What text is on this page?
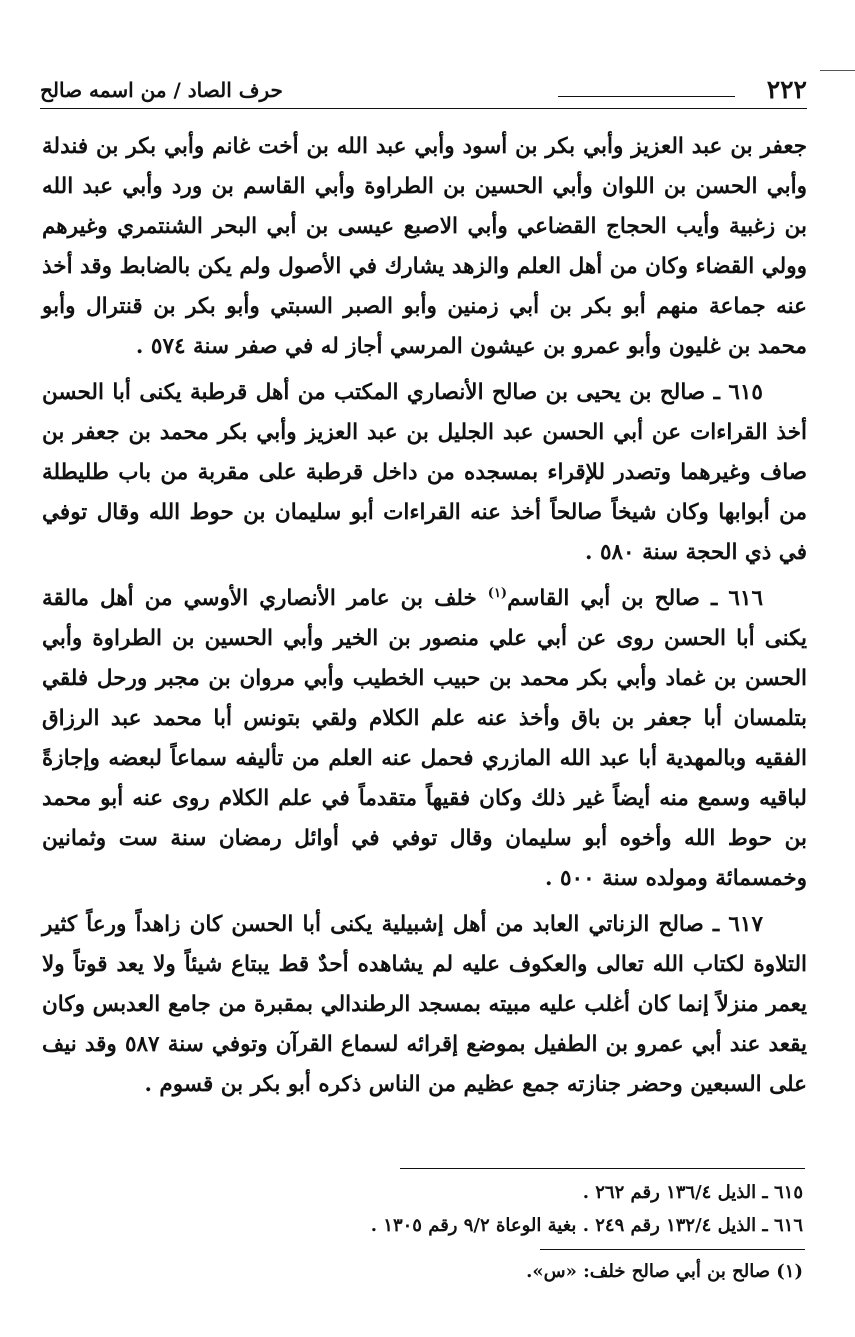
٢٢٢
حرف الصاد / من اسمه صالح

جعفر بن عبد العزيز وأبي بكر بن أسود وأبي عبد الله بن أخت غانم وأبي بكر بن فندلة وأبي الحسن بن اللوان وأبي الحسين بن الطراوة وأبي القاسم بن ورد وأبي عبد الله بن زغبية وأيب الحجاج القضاعي وأبي الاصبع عيسى بن أبي البحر الشنتمري وغيرهم وولي القضاء وكان من أهل العلم والزهد يشارك في الأصول ولم يكن بالضابط وقد أخذ عنه جماعة منهم أبو بكر بن أبي زمنين وأبو الصبر السبتي وأبو بكر بن قنترال وأبو محمد بن غليون وأبو عمرو بن عيشون المرسي أجاز له في صفر سنة ٥٧٤ .

٦١٥ ـ صالح بن يحيى بن صالح الأنصاري المكتب من أهل قرطبة يكنى أبا الحسن أخذ القراءات عن أبي الحسن عبد الجليل بن عبد العزيز وأبي بكر محمد بن جعفر بن صاف وغيرهما وتصدر للإقراء بمسجده من داخل قرطبة على مقربة من باب طليطلة من أبوابها وكان شيخاً صالحاً أخذ عنه القراءات أبو سليمان بن حوط الله وقال توفي في ذي الحجة سنة ٥٨٠ .

٦١٦ ـ صالح بن أبي القاسم$^{(١)}$ خلف بن عامر الأنصاري الأوسي من أهل مالقة يكنى أبا الحسن روى عن أبي علي منصور بن الخير وأبي الحسين بن الطراوة وأبي الحسن بن غماد وأبي بكر محمد بن حبيب الخطيب وأبي مروان بن مجبر ورحل فلقي بتلمسان أبا جعفر بن باق وأخذ عنه علم الكلام ولقي بتونس أبا محمد عبد الرزاق الفقيه وبالمهدية أبا عبد الله المازري فحمل عنه العلم من تأليفه سماعاً لبعضه وإجازةً لباقيه وسمع منه أيضاً غير ذلك وكان فقيهاً متقدماً في علم الكلام روى عنه أبو محمد بن حوط الله وأخوه أبو سليمان وقال توفي في أوائل رمضان سنة ست وثمانين وخمسمائة ومولده سنة ٥٠٠ .

٦١٧ ـ صالح الزناتي العابد من أهل إشبيلية يكنى أبا الحسن كان زاهداً ورعاً كثير التلاوة لكتاب الله تعالى والعكوف عليه لم يشاهده أحدٌ قط يبتاع شيئاً ولا يعد قوتاً ولا يعمر منزلاً إنما كان أغلب عليه مبيته بمسجد الرطندالي بمقبرة من جامع العدبس وكان يقعد عند أبي عمرو بن الطفيل بموضع إقرائه لسماع القرآن وتوفي سنة ٥٨٧ وقد نيف على السبعين وحضر جنازته جمع عظيم من الناس ذكره أبو بكر بن قسوم .

٦١٥ ـ الذيل ١٣٦/٤ رقم ٢٦٢ .

٦١٦ ـ الذيل ١٣٢/٤ رقم ٢٤٩ . بغية الوعاة ٩/٢ رقم ١٣٠٥ .

(١) صالح بن أبي صالح خلف: «س».
